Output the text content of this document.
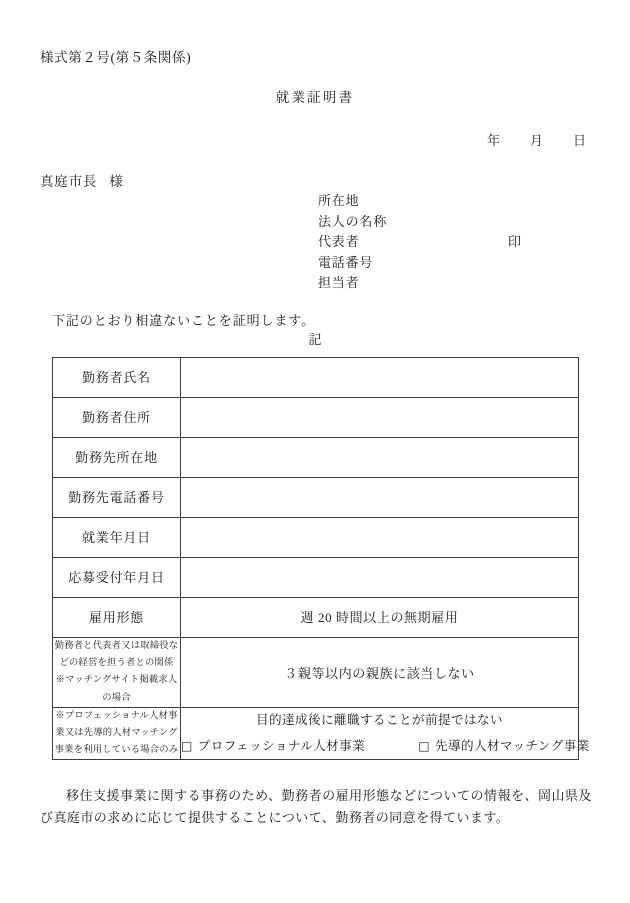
様式第２号(第５条関係)
就業証明書
年 月 日
真庭市長 様
所在地
法人の名称
代表者	印
電話番号
担当者
下記のとおり相違ないことを証明します。
記
勤務者氏名	
勤務者住所	
勤務先所在地	
勤務先電話番号	
就業年月日	
応募受付年月日	
雇用形態	週 20 時間以上の無期雇用

勤務者と代表者又は取締役な
どの経営を担う者との関係
※マッチングサイト掲載求人
の場合	３親等以内の親族に該当しない

※プロフェッショナル人材事
業又は先導的人材マッチング
事業を利用している場合のみ

目的達成後に離職することが前提ではない
□ プロフェッショナル人材事業	□ 先導的人材マッチング事業
移住支援事業に関する事務のため、勤務者の雇用形態などについての情報を、岡山県及び真庭市の求めに応じて提供することについて、勤務者の同意を得ています。
